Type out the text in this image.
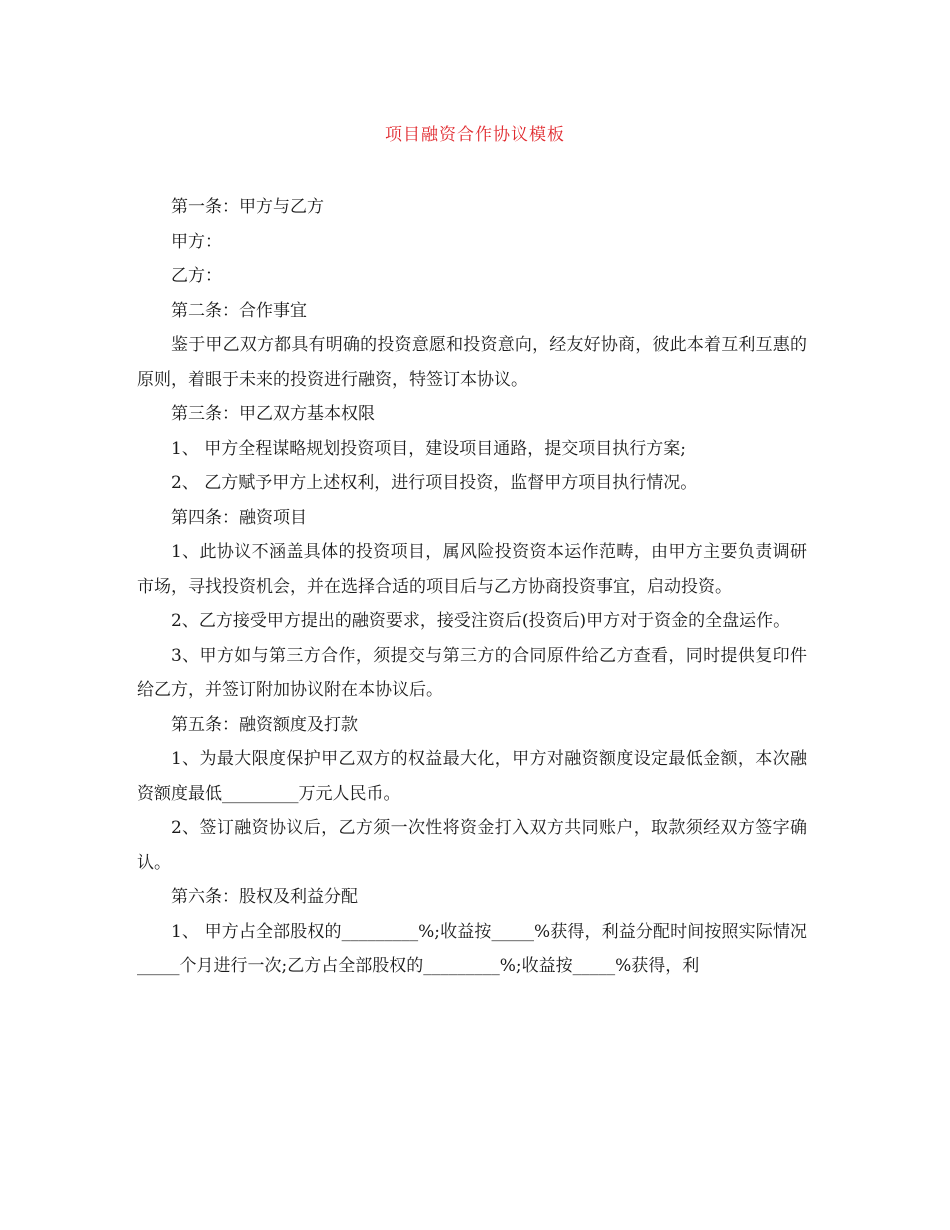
项目融资合作协议模板

第一条：甲方与乙方

甲方：

乙方：

第二条：合作事宜

鉴于甲乙双方都具有明确的投资意愿和投资意向，经友好协商，彼此本着互利互惠的原则，着眼于未来的投资进行融资，特签订本协议。

第三条：甲乙双方基本权限

1、 甲方全程谋略规划投资项目，建设项目通路，提交项目执行方案;

2、 乙方赋予甲方上述权利，进行项目投资，监督甲方项目执行情况。

第四条：融资项目

1、此协议不涵盖具体的投资项目，属风险投资资本运作范畴，由甲方主要负责调研市场，寻找投资机会，并在选择合适的项目后与乙方协商投资事宜，启动投资。

2、乙方接受甲方提出的融资要求，接受注资后(投资后)甲方对于资金的全盘运作。

3、甲方如与第三方合作，须提交与第三方的合同原件给乙方查看，同时提供复印件给乙方，并签订附加协议附在本协议后。

第五条：融资额度及打款

1、为最大限度保护甲乙双方的权益最大化，甲方对融资额度设定最低金额，本次融资额度最低_________万元人民币。

2、签订融资协议后，乙方须一次性将资金打入双方共同账户，取款须经双方签字确认。

第六条：股权及利益分配

1、 甲方占全部股权的_________%;收益按_____%获得，利益分配时间按照实际情况_____个月进行一次;乙方占全部股权的_________%;收益按_____%获得，利
